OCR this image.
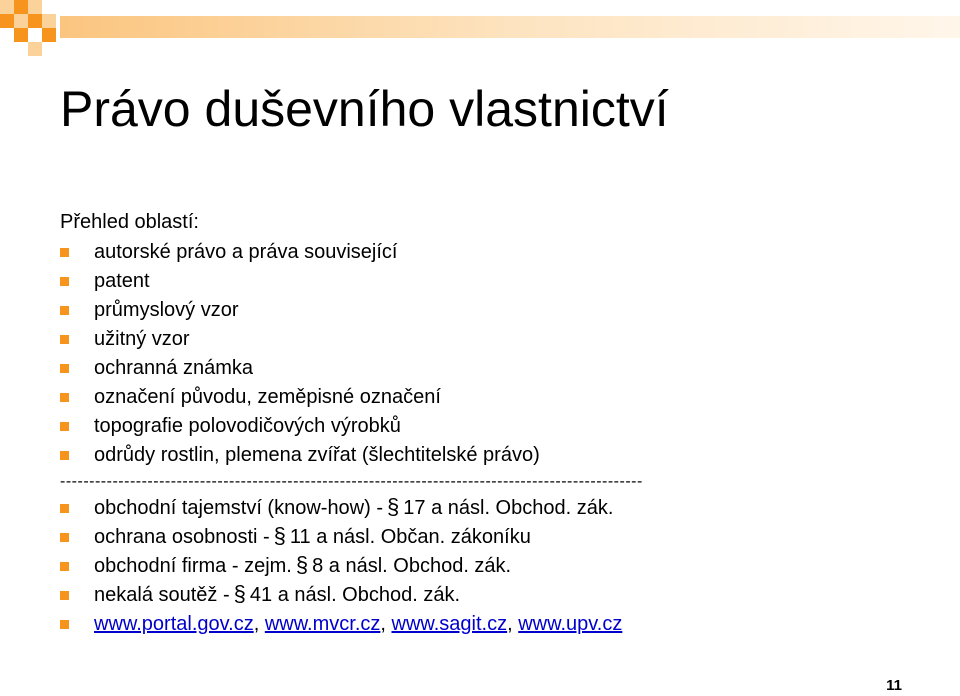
Právo duševního vlastnictví
Přehled oblastí:
autorské právo a práva související
patent
průmyslový vzor
užitný vzor
ochranná známka
označení původu, zeměpisné označení
topografie polovodičových výrobků
odrůdy rostlin, plemena zvířat (šlechtitelské právo)
----------------------------------------------------------------------------------------------------
obchodní tajemství (know-how) - § 17 a násl. Obchod. zák.
ochrana osobnosti - § 11 a násl. Občan. zákoníku
obchodní firma - zejm. § 8 a násl. Obchod. zák.
nekalá soutěž - § 41 a násl. Obchod. zák.
www.portal.gov.cz, www.mvcr.cz, www.sagit.cz, www.upv.cz
11
